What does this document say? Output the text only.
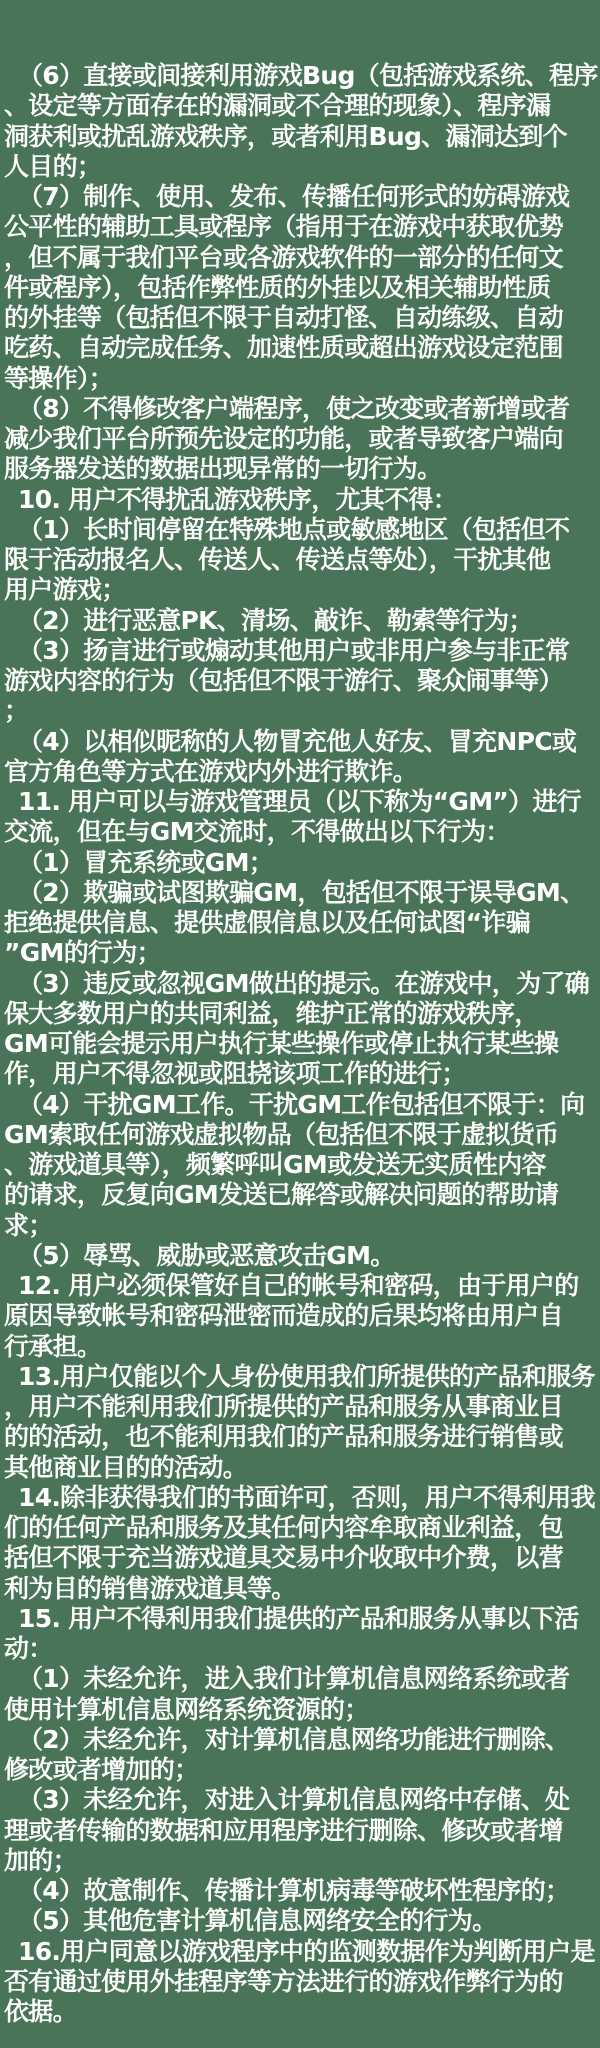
（6）直接或间接利用游戏Bug（包括游戏系统、程序
、设定等方面存在的漏洞或不合理的现象）、程序漏
洞获利或扰乱游戏秩序，或者利用Bug、漏洞达到个
人目的；
（7）制作、使用、发布、传播任何形式的妨碍游戏
公平性的辅助工具或程序（指用于在游戏中获取优势
，但不属于我们平台或各游戏软件的一部分的任何文
件或程序），包括作弊性质的外挂以及相关辅助性质
的外挂等（包括但不限于自动打怪、自动练级、自动
吃药、自动完成任务、加速性质或超出游戏设定范围
等操作）；
（8）不得修改客户端程序，使之改变或者新增或者
减少我们平台所预先设定的功能，或者导致客户端向
服务器发送的数据出现异常的一切行为。
10. 用户不得扰乱游戏秩序，尤其不得：
（1）长时间停留在特殊地点或敏感地区（包括但不
限于活动报名人、传送人、传送点等处），干扰其他
用户游戏；
（2）进行恶意PK、清场、敲诈、勒索等行为；
（3）扬言进行或煽动其他用户或非用户参与非正常
游戏内容的行为（包括但不限于游行、聚众闹事等）
；
（4）以相似昵称的人物冒充他人好友、冒充NPC或
官方角色等方式在游戏内外进行欺诈。
11. 用户可以与游戏管理员（以下称为“GM”）进行
交流，但在与GM交流时，不得做出以下行为：
（1）冒充系统或GM；
（2）欺骗或试图欺骗GM，包括但不限于误导GM、
拒绝提供信息、提供虚假信息以及任何试图“诈骗
”GM的行为；
（3）违反或忽视GM做出的提示。在游戏中，为了确
保大多数用户的共同利益，维护正常的游戏秩序，
GM可能会提示用户执行某些操作或停止执行某些操
作，用户不得忽视或阻挠该项工作的进行；
（4）干扰GM工作。干扰GM工作包括但不限于：向
GM索取任何游戏虚拟物品（包括但不限于虚拟货币
、游戏道具等），频繁呼叫GM或发送无实质性内容
的请求，反复向GM发送已解答或解决问题的帮助请
求；
（5）辱骂、威胁或恶意攻击GM。
12. 用户必须保管好自己的帐号和密码，由于用户的
原因导致帐号和密码泄密而造成的后果均将由用户自
行承担。
13.用户仅能以个人身份使用我们所提供的产品和服务
，用户不能利用我们所提供的产品和服务从事商业目
的的活动，也不能利用我们的产品和服务进行销售或
其他商业目的的活动。
14.除非获得我们的书面许可，否则，用户不得利用我
们的任何产品和服务及其任何内容牟取商业利益，包
括但不限于充当游戏道具交易中介收取中介费，以营
利为目的销售游戏道具等。
15. 用户不得利用我们提供的产品和服务从事以下活
动：
（1）未经允许，进入我们计算机信息网络系统或者
使用计算机信息网络系统资源的；
（2）未经允许，对计算机信息网络功能进行删除、
修改或者增加的；
（3）未经允许，对进入计算机信息网络中存储、处
理或者传输的数据和应用程序进行删除、修改或者增
加的；
（4）故意制作、传播计算机病毒等破坏性程序的；
（5）其他危害计算机信息网络安全的行为。
16.用户同意以游戏程序中的监测数据作为判断用户是
否有通过使用外挂程序等方法进行的游戏作弊行为的
依据。
